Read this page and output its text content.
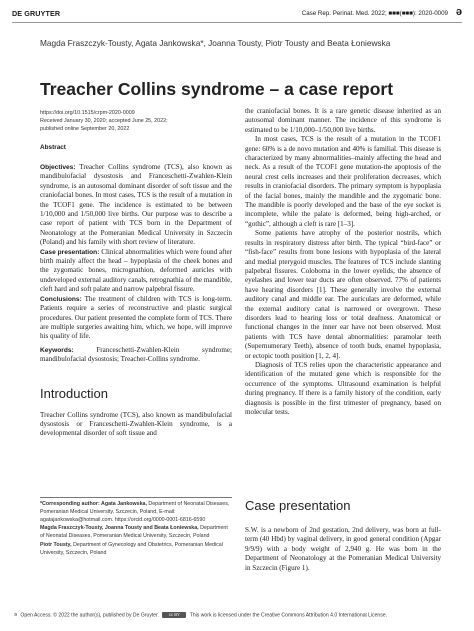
DE GRUYTER	Case Rep. Perinat. Med. 2022; ■■■(■■■): 2020-0009 ə
Magda Fraszczyk-Tousty, Agata Jankowska*, Joanna Tousty, Piotr Tousty and Beata Łoniewska
Treacher Collins syndrome – a case report
https://doi.org/10.1515/crpm-2020-0009
Received January 30, 2020; accepted June 25, 2022;
published online September 20, 2022
Abstract

Objectives: Treacher Collins syndrome (TCS), also known as mandibulofacial dysostosis and Franceschetti-Zwahlen-Klein syndrome, is an autosomal dominant disorder of soft tissue and the craniofacial bones. In most cases, TCS is the result of a mutation in the TCOF1 gene. The incidence is estimated to be between 1/10,000 and 1/50,000 live births. Our purpose was to describe a case report of patient with TCS born in the Department of Neonatology at the Pomeranian Medical University in Szczecin (Poland) and his family with short review of literature.

Case presentation: Clinical abnormalities which were found after birth mainly affect the head – hypoplasia of the cheek bones and the zygomatic bones, micrognathion, deformed auricles with undeveloped external auditory canals, retrognathia of the mandible, cleft hard and soft palate and narrow palpebral fissure.

Conclusions: The treatment of children with TCS is long-term. Patients require a series of reconstructive and plastic surgical procedures. Our patient presented the complete form of TCS. There are multiple surgeries awaiting him, which, we hope, will improve his quality of life.

Keywords: Franceschetti-Zwahlen-Klein syndrome; mandibulofacial dysostosis; Treacher-Collins syndrome.

Introduction

Treacher Collins syndrome (TCS), also known as mandibulofacial dysostosis or Franceschetti-Zwahlen-Klein syndrome, is a developmental disorder of soft tissue and

*Corresponding author: Agata Jankowska, Department of Neonatal Diseases, Pomeranian Medical University, Szczecin, Poland, E-mail: agatajankowska@hotmail.com. https://orcid.org/0000-0001-6816-6590

Magda Fraszczyk-Tousty, Joanna Tousty and Beata Łoniewska, Department of Neonatal Diseases, Pomeranian Medical University, Szczecin, Poland

Piotr Tousty, Department of Gynecology and Obstetrics, Pomeranian Medical University, Szczecin, Poland

the craniofacial bones. It is a rare genetic disease inherited as an autosomal dominant manner. The incidence of this syndrome is estimated to be 1/10,000–1/50,000 live births.

In most cases, TCS is the result of a mutation in the TCOF1 gene: 60% is a de novo mutation and 40% is familial. This disease is characterized by many abnormalities–mainly affecting the head and neck. As a result of the TCOF1 gene mutation-the apoptosis of the neural crest cells increases and their proliferation decreases, which results in craniofacial disorders. The primary symptom is hypoplasia of the facial bones, mainly the mandible and the zygomatic bone. The mandible is poorly developed and the base of the eye socket is incomplete, while the palate is deformed, being high-arched, or “gothic”, although a cleft is rare [1–3].

Some patients have atrophy of the posterior nostrils, which results in respiratory distress after birth. The typical “bird-face” or “fish-face” results from bone lesions with hypoplasia of the lateral and medial pterygoid muscles. The features of TCS include slanting palpebral fissures. Coloboma in the lower eyelids, the absence of eyelashes and lower tear ducts are often observed. 77% of patients have hearing disorders [1]. These generally involve the external auditory canal and middle ear. The auriculars are deformed, while the external auditory canal is narrowed or overgrown. These disorders lead to hearing loss or total deafness. Anatomical or functional changes in the inner ear have not been observed. Most patients with TCS have dental abnormalities: paramolar teeth (Supernumerary Teeth), absence of tooth buds, enamel hypoplasia, or ectopic tooth position [1, 2, 4].

Diagnosis of TCS relies upon the characteristic appearance and identification of the mutated gene which is responsible for the occurrence of the symptoms. Ultrasound examination is helpful during pregnancy. If there is a family history of the condition, early diagnosis is possible in the first trimester of pregnancy, based on molecular tests.

Case presentation

S.W. is a newborn of 2nd gestation, 2nd delivery, was born at full-term (40 Hbd) by vaginal delivery, in good general condition (Apgar 9/9/9) with a body weight of 2,940 g. He was born in the Department of Neonatology at the Pomeranian Medical University in Szczecin (Figure 1).

ə Open Access. © 2022 the author(s), published by De Gruyter. cc BY This work is licensed under the Creative Commons Attribution 4.0 International License.
